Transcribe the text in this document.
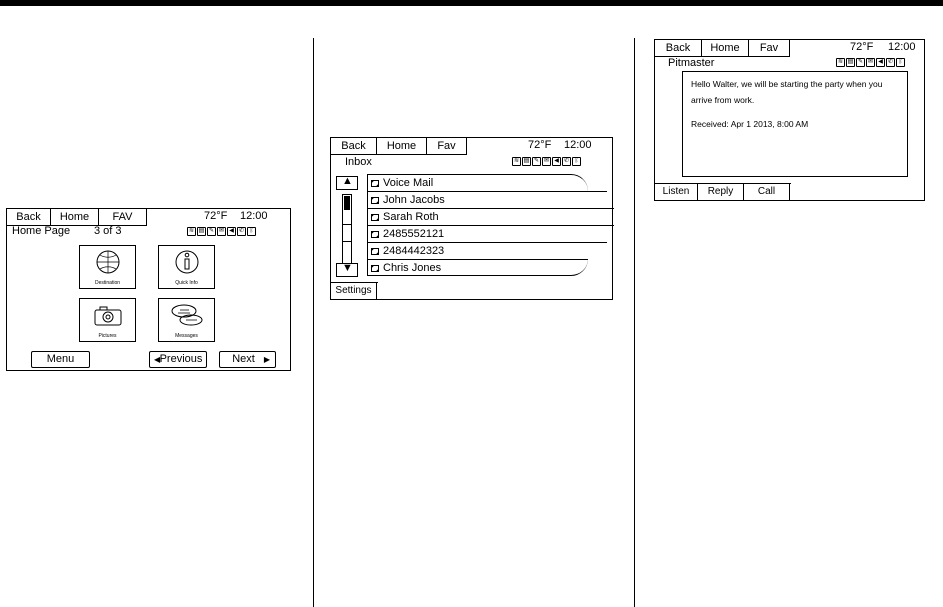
Back	Home	FAV	72°F 12:00
Home Page 3 of 3	≋ ▤ ✎ ✉ ◀ ✆ ᛒ
Destination	Quick Info
Pictures	Messages
Menu	◀ Previous	Next ▶
Back	Home	Fav	72°F 12:00
Inbox	≋ ▤ ✎ ✉ ◀ ✆ ᛒ
▲
▼
Voice Mail
John Jacobs
Sarah Roth
2485552121
2484442323
Chris Jones
Settings
Back	Home	Fav	72°F 12:00
Pitmaster	≋ ▤ ✎ ✉ ◀ ✆ ᛒ
Hello Walter, we will be starting the party when you arrive from work.
Received: Apr 1 2013, 8:00 AM
Listen	Reply	Call
